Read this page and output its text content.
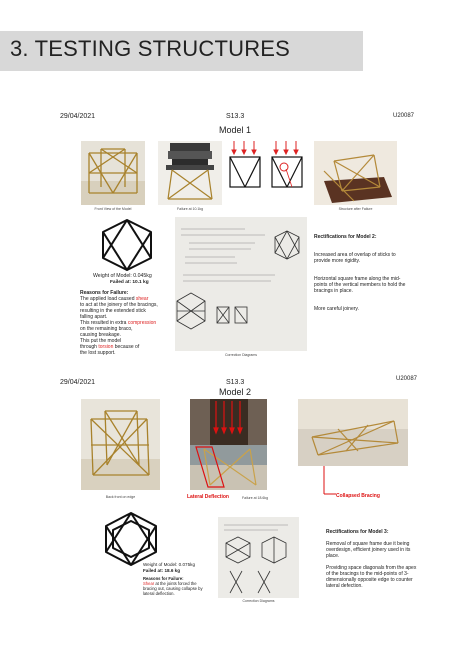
3. TESTING STRUCTURES
29/04/2021	S13.3	U20087
Model 1
Front View of the Model	Failure at 10.1kg	Structure after Failure
Weight of Model: 0.045kg
Failed at: 10.1 kg
Reasons for Failure:
The applied load caused shear
to act at the joinery of the bracings,
resulting in the extended stick
falling apart.
This resulted in extra compression
on the remaining braco,
causing breakage.
This put the model
through torsion because of
the lost support.	Correction Diagrams
Rectifications for Model 2:
Increased area of overlap of sticks to provide more rigidity.
Horizontal square frame along the mid-points of the vertical members to hold the bracings in place.
More careful joinery.
29/04/2021	S13.3	U20087
Model 2
Back front on edge	Lateral Deflection	Failure at 18.6kg	Collapsed Bracing
Weight of Model: 0.075kg
Failed at: 18.6 kg
Reasons for Failure:
Shear at the joints forced the
bracing out, causing collapse by
lateral deflection.
Correction Diagrams
Rectifications for Model 3:
Removal of square frame due it being overdesign, efficient joinery used in its place.
Providing space diagonals from the apex of the bracings to the mid-points of 3-dimensionally opposite edge to counter lateral defection.
